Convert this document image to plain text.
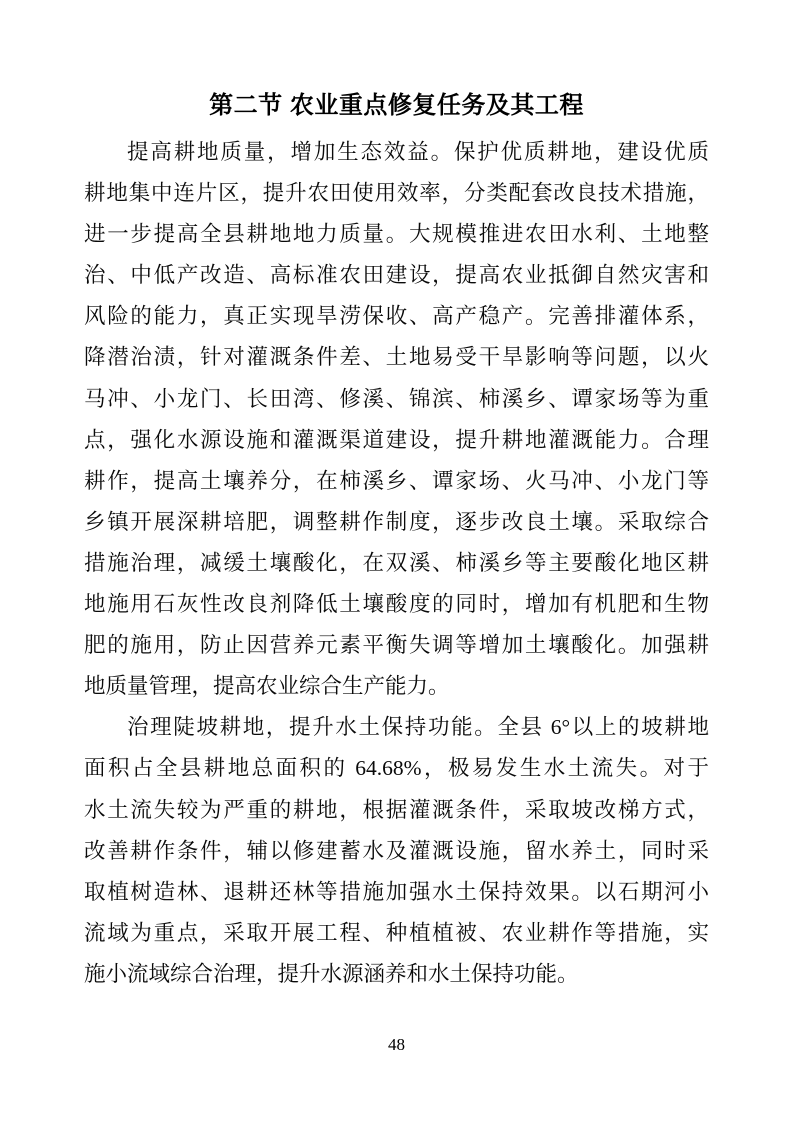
第二节 农业重点修复任务及其工程
提高耕地质量，增加生态效益。保护优质耕地，建设优质
耕地集中连片区，提升农田使用效率，分类配套改良技术措施，
进一步提高全县耕地地力质量。大规模推进农田水利、土地整
治、中低产改造、高标准农田建设，提高农业抵御自然灾害和
风险的能力，真正实现旱涝保收、高产稳产。完善排灌体系，
降潜治渍，针对灌溉条件差、土地易受干旱影响等问题，以火
马冲、小龙门、长田湾、修溪、锦滨、柿溪乡、谭家场等为重
点，强化水源设施和灌溉渠道建设，提升耕地灌溉能力。合理
耕作，提高土壤养分，在柿溪乡、谭家场、火马冲、小龙门等
乡镇开展深耕培肥，调整耕作制度，逐步改良土壤。采取综合
措施治理，减缓土壤酸化，在双溪、柿溪乡等主要酸化地区耕
地施用石灰性改良剂降低土壤酸度的同时，增加有机肥和生物
肥的施用，防止因营养元素平衡失调等增加土壤酸化。加强耕
地质量管理，提高农业综合生产能力。
治理陡坡耕地，提升水土保持功能。全县 6°以上的坡耕地
面积占全县耕地总面积的 64.68%，极易发生水土流失。对于
水土流失较为严重的耕地，根据灌溉条件，采取坡改梯方式，
改善耕作条件，辅以修建蓄水及灌溉设施，留水养土，同时采
取植树造林、退耕还林等措施加强水土保持效果。以石期河小
流域为重点，采取开展工程、种植植被、农业耕作等措施，实
施小流域综合治理，提升水源涵养和水土保持功能。
48
